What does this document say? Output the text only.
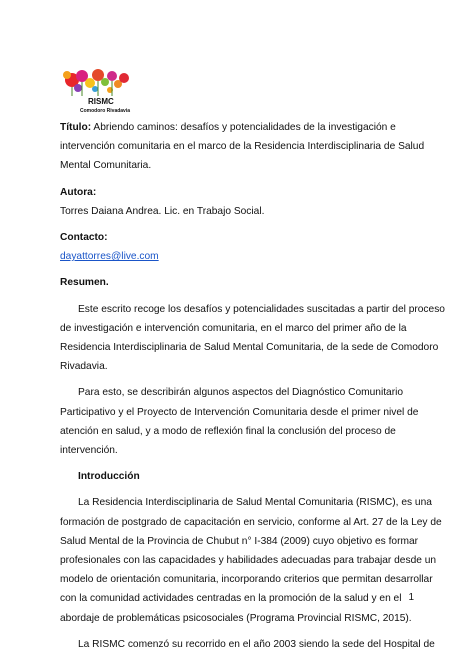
RISMC
Comodoro Rivadavia

Título: Abriendo caminos: desafíos y potencialidades de la investigación e
intervención comunitaria en el marco de la Residencia Interdisciplinaria de Salud
Mental Comunitaria.

Autora:

Torres Daiana Andrea. Lic. en Trabajo Social.

Contacto:

dayattorres@live.com

Resumen.

Este escrito recoge los desafíos y potencialidades suscitadas a partir del proceso
de investigación e intervención comunitaria, en el marco del primer año de la
Residencia Interdisciplinaria de Salud Mental Comunitaria, de la sede de Comodoro
Rivadavia.

Para esto, se describirán algunos aspectos del Diagnóstico Comunitario
Participativo y el Proyecto de Intervención Comunitaria desde el primer nivel de
atención en salud, y a modo de reflexión final la conclusión del proceso de
intervención.

Introducción

La Residencia Interdisciplinaria de Salud Mental Comunitaria (RISMC), es una
formación de postgrado de capacitación en servicio, conforme al Art. 27 de la Ley de
Salud Mental de la Provincia de Chubut n° I-384 (2009) cuyo objetivo es formar
profesionales con las capacidades y habilidades adecuadas para trabajar desde un
modelo de orientación comunitaria, incorporando criterios que permitan desarrollar
con la comunidad actividades centradas en la promoción de la salud y en el
abordaje de problemáticas psicosociales (Programa Provincial RISMC, 2015).

La RISMC comenzó su recorrido en el año 2003 siendo la sede del Hospital de

1
